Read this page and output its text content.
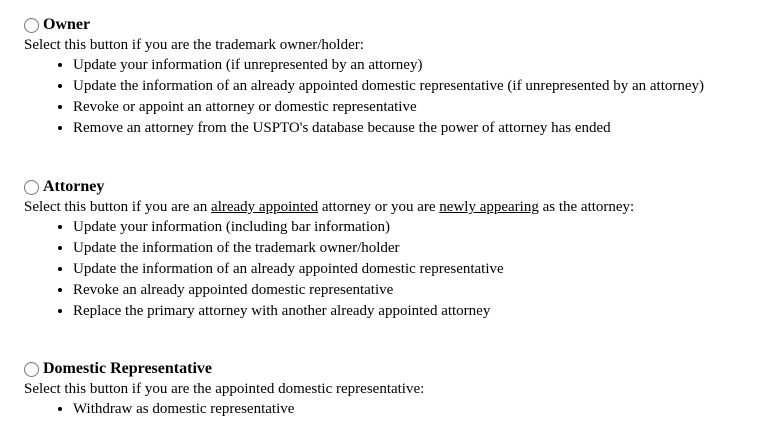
Owner
Select this button if you are the trademark owner/holder:
• Update your information (if unrepresented by an attorney)
• Update the information of an already appointed domestic representative (if unrepresented by an attorney)
• Revoke or appoint an attorney or domestic representative
• Remove an attorney from the USPTO's database because the power of attorney has ended
Attorney
Select this button if you are an already appointed attorney or you are newly appearing as the attorney:
• Update your information (including bar information)
• Update the information of the trademark owner/holder
• Update the information of an already appointed domestic representative
• Revoke an already appointed domestic representative
• Replace the primary attorney with another already appointed attorney
Domestic Representative
Select this button if you are the appointed domestic representative:
• Withdraw as domestic representative
